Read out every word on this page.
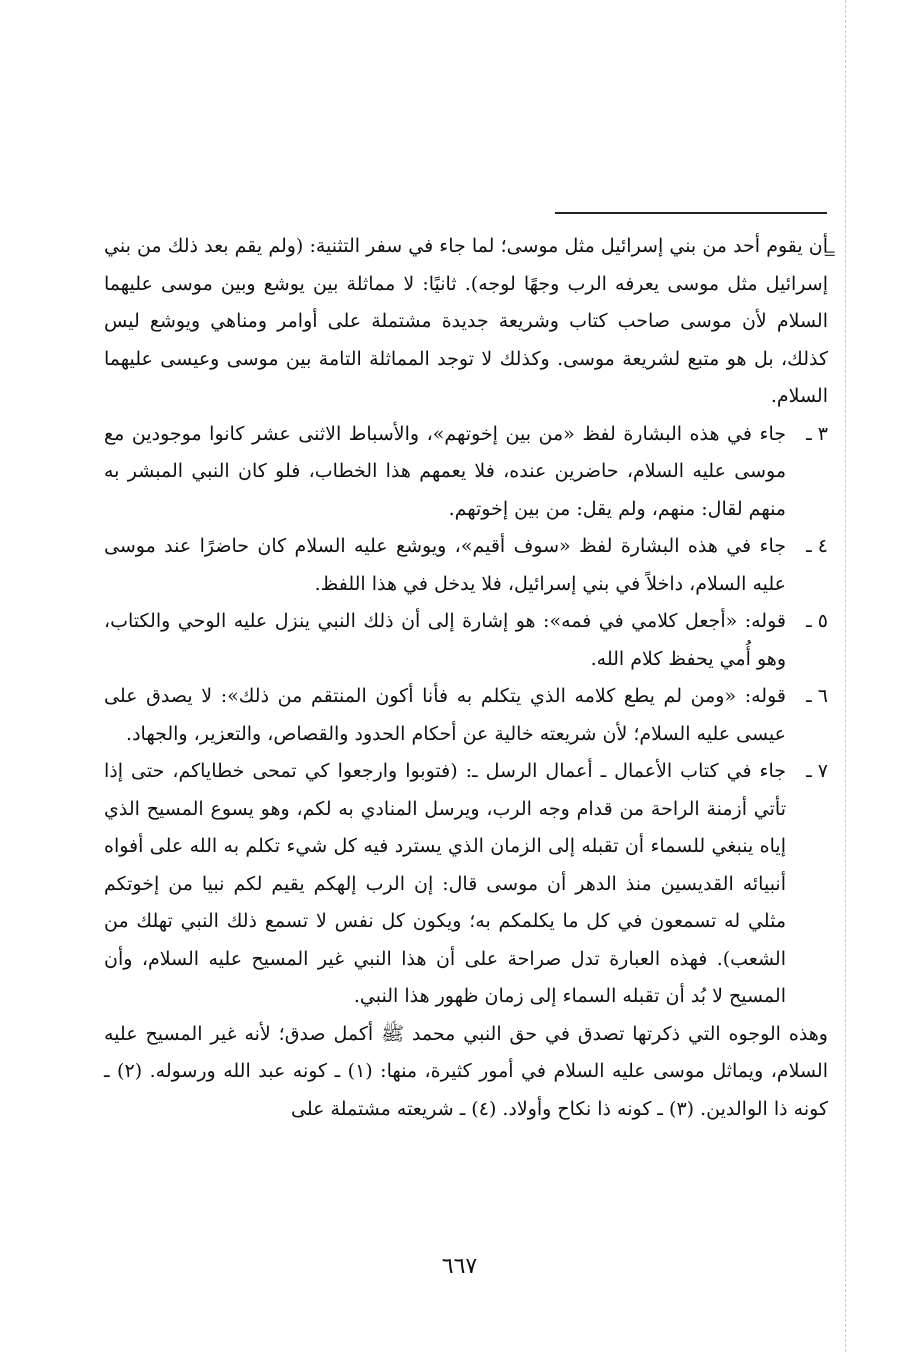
=

أن يقوم أحد من بني إسرائيل مثل موسى؛ لما جاء في سفر التثنية: (ولم يقم بعد ذلك من بني إسرائيل مثل موسى يعرفه الرب وجهًا لوجه). ثانيًا: لا مماثلة بين يوشع وبين موسى عليهما السلام لأن موسى صاحب كتاب وشريعة جديدة مشتملة على أوامر ومناهي ويوشع ليس كذلك، بل هو متبع لشريعة موسى. وكذلك لا توجد المماثلة التامة بين موسى وعيسى عليهما السلام.

٣ ـ
جاء في هذه البشارة لفظ «من بين إخوتهم»، والأسباط الاثنى عشر كانوا موجودين مع موسى عليه السلام، حاضرين عنده، فلا يعمهم هذا الخطاب، فلو كان النبي المبشر به منهم لقال: منهم، ولم يقل: من بين إخوتهم.

٤ ـ
جاء في هذه البشارة لفظ «سوف أقيم»، ويوشع عليه السلام كان حاضرًا عند موسى عليه السلام، داخلاً في بني إسرائيل، فلا يدخل في هذا اللفظ.

٥ ـ
قوله: «أجعل كلامي في فمه»: هو إشارة إلى أن ذلك النبي ينزل عليه الوحي والكتاب، وهو أُمي يحفظ كلام الله.

٦ ـ
قوله: «ومن لم يطع كلامه الذي يتكلم به فأنا أكون المنتقم من ذلك»: لا يصدق على عيسى عليه السلام؛ لأن شريعته خالية عن أحكام الحدود والقصاص، والتعزير، والجهاد.

٧ ـ
جاء في كتاب الأعمال ـ أعمال الرسل ـ: (فتوبوا وارجعوا كي تمحى خطاياكم، حتى إذا تأتي أزمنة الراحة من قدام وجه الرب، ويرسل المنادي به لكم، وهو يسوع المسيح الذي إياه ينبغي للسماء أن تقبله إلى الزمان الذي يسترد فيه كل شيء تكلم به الله على أفواه أنبيائه القديسين منذ الدهر أن موسى قال: إن الرب إلهكم يقيم لكم نبيا من إخوتكم مثلي له تسمعون في كل ما يكلمكم به؛ ويكون كل نفس لا تسمع ذلك النبي تهلك من الشعب). فهذه العبارة تدل صراحة على أن هذا النبي غير المسيح عليه السلام، وأن المسيح لا بُد أن تقبله السماء إلى زمان ظهور هذا النبي.

وهذه الوجوه التي ذكرتها تصدق في حق النبي محمد ﷺ أكمل صدق؛ لأنه غير المسيح عليه السلام، ويماثل موسى عليه السلام في أمور كثيرة، منها: (١) ـ كونه عبد الله ورسوله. (٢) ـ كونه ذا الوالدين. (٣) ـ كونه ذا نكاح وأولاد. (٤) ـ شريعته مشتملة على

٦٦٧
